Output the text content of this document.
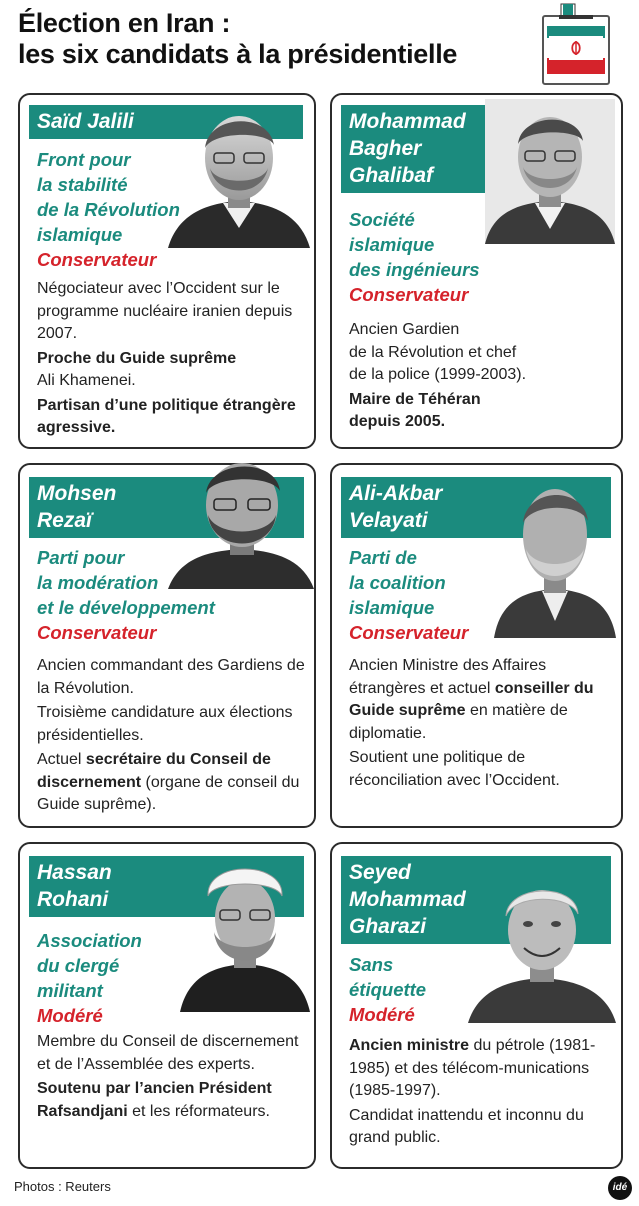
Élection en Iran :
les six candidats à la présidentielle
Saïd Jalili
Front pour
la stabilité
de la Révolution
islamique
Conservateur

Négociateur avec l’Occident sur le programme nucléaire iranien depuis 2007.

Proche du Guide suprême
Ali Khamenei.

Partisan d’une politique étrangère agressive.

Mohammad
Bagher
Ghalibaf
Société
islamique
des ingénieurs
Conservateur

Ancien Gardien
de la Révolution et chef
de la police (1999-2003).

Maire de Téhéran
depuis 2005.

Mohsen
Rezaï
Parti pour
la modération
et le développement
Conservateur

Ancien commandant des Gardiens de la Révolution.

Troisième candidature aux élections présidentielles.

Actuel secrétaire du Conseil de discernement (organe de conseil du Guide suprême).

Ali-Akbar
Velayati
Parti de
la coalition
islamique
Conservateur

Ancien Ministre des Affaires étrangères et actuel conseiller du Guide suprême en matière de diplomatie.

Soutient une politique de réconciliation avec l’Occident.

Hassan
Rohani
Association
du clergé
militant
Modéré

Membre du Conseil de discernement et de l’Assemblée des experts.

Soutenu par l’ancien Président Rafsandjani et les réformateurs.

Seyed
Mohammad
Gharazi
Sans
étiquette
Modéré

Ancien ministre du pétrole (1981-1985) et des télécom-munications (1985-1997).

Candidat inattendu et inconnu du grand public.

Photos : Reuters	idé
